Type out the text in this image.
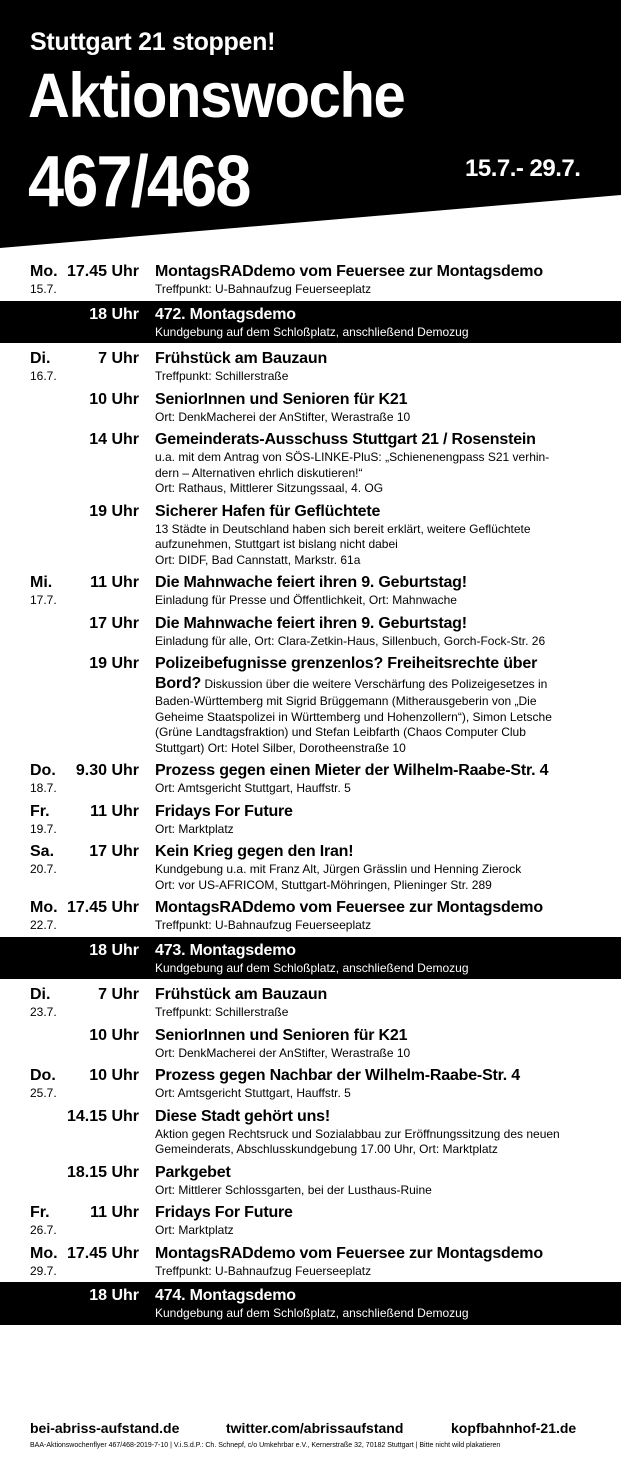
Stuttgart 21 stoppen!
Aktionswoche
467/468	15.7.- 29.7.
Mo.
15.7.
17.45 Uhr MontagsRADdemo vom Feuersee zur Montagsdemo
Treffpunkt: U-Bahnaufzug Feuerseeplatz
18 Uhr 472. Montagsdemo
Kundgebung auf dem Schloßplatz, anschließend Demozug
Di.
16.7.
7 Uhr Frühstück am Bauzaun
Treffpunkt: Schillerstraße
10 Uhr SeniorInnen und Senioren für K21
Ort: DenkMacherei der AnStifter, Werastraße 10
14 Uhr Gemeinderats-Ausschuss Stuttgart 21 / Rosenstein
u.a. mit dem Antrag von SÖS-LINKE-PluS: „Schienenengpass S21 verhin-
dern – Alternativen ehrlich diskutieren!“
Ort: Rathaus, Mittlerer Sitzungssaal, 4. OG
19 Uhr Sicherer Hafen für Geflüchtete
13 Städte in Deutschland haben sich bereit erklärt, weitere Geflüchtete
aufzunehmen, Stuttgart ist bislang nicht dabei
Ort: DIDF, Bad Cannstatt, Markstr. 61a
Mi.
17.7.
11 Uhr Die Mahnwache feiert ihren 9. Geburtstag!
Einladung für Presse und Öffentlichkeit, Ort: Mahnwache
17 Uhr Die Mahnwache feiert ihren 9. Geburtstag!
Einladung für alle, Ort: Clara-Zetkin-Haus, Sillenbuch, Gorch-Fock-Str. 26
19 Uhr Polizeibefugnisse grenzenlos? Freiheitsrechte über
Bord? Diskussion über die weitere Verschärfung des Polizeigesetzes in
Baden-Württemberg mit Sigrid Brüggemann (Mitherausgeberin von „Die
Geheime Staatspolizei in Württemberg und Hohenzollern“), Simon Letsche
(Grüne Landtagsfraktion) und Stefan Leibfarth (Chaos Computer Club
Stuttgart) Ort: Hotel Silber, Dorotheenstraße 10
Do.
18.7.
9.30 Uhr Prozess gegen einen Mieter der Wilhelm-Raabe-Str. 4
Ort: Amtsgericht Stuttgart, Hauffstr. 5
Fr.
19.7.
11 Uhr Fridays For Future
Ort: Marktplatz
Sa.
20.7.
17 Uhr Kein Krieg gegen den Iran!
Kundgebung u.a. mit Franz Alt, Jürgen Grässlin und Henning Zierock
Ort: vor US-AFRICOM, Stuttgart-Möhringen, Plieninger Str. 289
Mo.
22.7.
17.45 Uhr MontagsRADdemo vom Feuersee zur Montagsdemo
Treffpunkt: U-Bahnaufzug Feuerseeplatz
18 Uhr 473. Montagsdemo
Kundgebung auf dem Schloßplatz, anschließend Demozug
Di.
23.7.
7 Uhr Frühstück am Bauzaun
Treffpunkt: Schillerstraße
10 Uhr SeniorInnen und Senioren für K21
Ort: DenkMacherei der AnStifter, Werastraße 10
Do.
25.7.
10 Uhr Prozess gegen Nachbar der Wilhelm-Raabe-Str. 4
Ort: Amtsgericht Stuttgart, Hauffstr. 5
14.15 Uhr Diese Stadt gehört uns!
Aktion gegen Rechtsruck und Sozialabbau zur Eröffnungssitzung des neuen
Gemeinderats, Abschlusskundgebung 17.00 Uhr, Ort: Marktplatz
18.15 Uhr Parkgebet
Ort: Mittlerer Schlossgarten, bei der Lusthaus-Ruine
Fr.
26.7.
11 Uhr Fridays For Future
Ort: Marktplatz
Mo.
29.7.
17.45 Uhr MontagsRADdemo vom Feuersee zur Montagsdemo
Treffpunkt: U-Bahnaufzug Feuerseeplatz
18 Uhr 474. Montagsdemo
Kundgebung auf dem Schloßplatz, anschließend Demozug
bei-abriss-aufstand.de	twitter.com/abrissaufstand	kopfbahnhof-21.de
BAA-Aktionswochenflyer 467/468-2019-7-10 | V.i.S.d.P.: Ch. Schnepf, c/o Umkehrbar e.V., Kernerstraße 32, 70182 Stuttgart | Bitte nicht wild plakatieren
